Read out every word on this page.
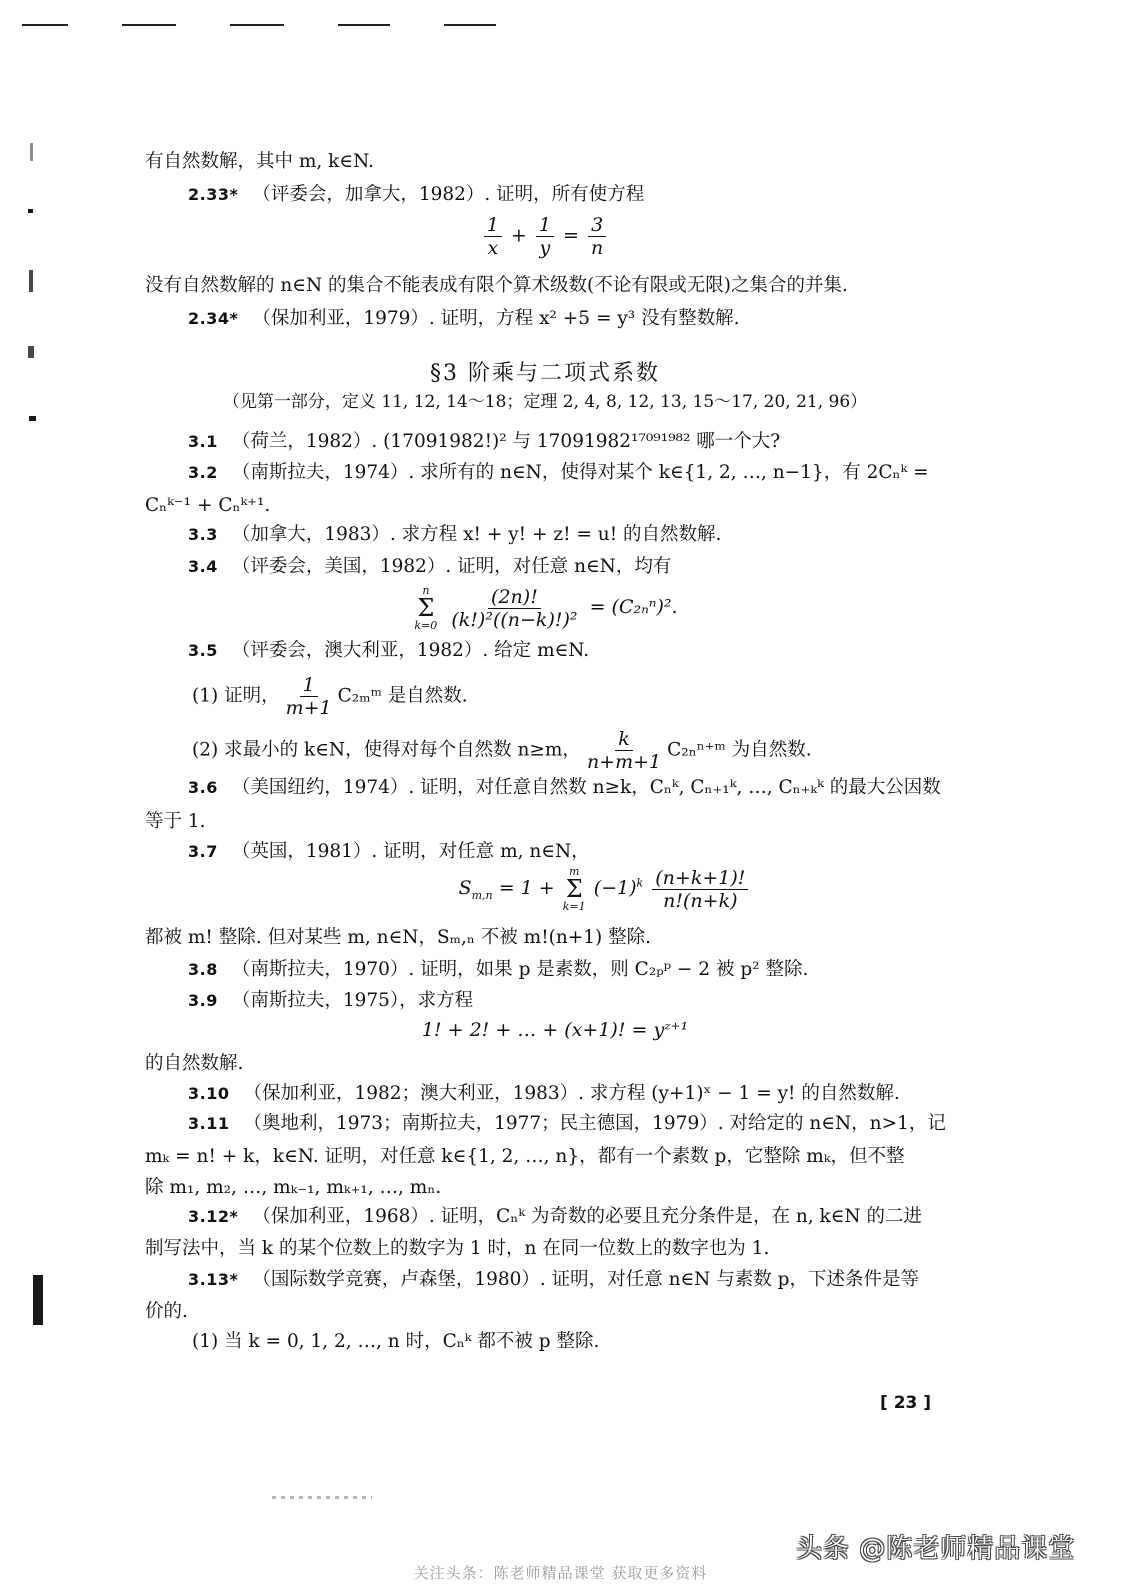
有自然数解，其中 m, k∈N.
2.33* （评委会，加拿大，1982）. 证明，所有使方程
$\frac{1}{x} + \frac{1}{y} = \frac{3}{n}$
没有自然数解的 n∈N 的集合不能表成有限个算术级数(不论有限或无限)之集合的并集.
2.34* （保加利亚，1979）. 证明，方程 x² +5 = y³ 没有整数解.
§3 阶乘与二项式系数
（见第一部分，定义 11, 12, 14～18；定理 2, 4, 8, 12, 13, 15～17, 20, 21, 96）
3.1 （荷兰，1982）. (17091982!)² 与 17091982¹⁷⁰⁹¹⁹⁸² 哪一个大?
3.2 （南斯拉夫，1974）. 求所有的 n∈N，使得对某个 k∈{1, 2, …, n−1}，有 2Cₙᵏ =
Cₙᵏ⁻¹ + Cₙᵏ⁺¹.
3.3 （加拿大，1983）. 求方程 x! + y! + z! = u! 的自然数解.
3.4 （评委会，美国，1982）. 证明，对任意 n∈N，均有
n
Σ
k=0
$\frac{(2n)!}{\text{(k!)²((n−k)!)²}} = (C_{2n}^n)^2$.
3.5 （评委会，澳大利亚，1982）. 给定 m∈N.
(1) 证明， $\frac{1}{m+1}$ C₂ₘᵐ 是自然数.
(2) 求最小的 k∈N，使得对每个自然数 n≥m， $\frac{k}{n+m+1}$ C₂ₙⁿ⁺ᵐ 为自然数.
3.6 （美国纽约，1974）. 证明，对任意自然数 n≥k，Cₙᵏ, Cₙ₊₁ᵏ, …, Cₙ₊ₖᵏ 的最大公因数
等于 1.
3.7 （英国，1981）. 证明，对任意 m, n∈N，
$S_{m,n} = 1$ +
m
Σ
k=1
$(-1)^k \frac{(n+k+1)!}{n!(n+k)}$
都被 m! 整除. 但对某些 m, n∈N，Sₘ,ₙ 不被 m!(n+1) 整除.
3.8 （南斯拉夫，1970）. 证明，如果 p 是素数，则 C₂ₚᵖ − 2 被 p² 整除.
3.9 （南斯拉夫，1975），求方程
1! + 2! + … + (x+1)! = yᶻ⁺¹
的自然数解.
3.10 （保加利亚，1982；澳大利亚，1983）. 求方程 (y+1)ˣ − 1 = y! 的自然数解.
3.11 （奥地利，1973；南斯拉夫，1977；民主德国，1979）. 对给定的 n∈N，n>1，记
mₖ = n! + k，k∈N. 证明，对任意 k∈{1, 2, …, n}，都有一个素数 p，它整除 mₖ，但不整
除 m₁, m₂, …, mₖ₋₁, mₖ₊₁, …, mₙ.
3.12* （保加利亚，1968）. 证明，Cₙᵏ 为奇数的必要且充分条件是，在 n, k∈N 的二进
制写法中，当 k 的某个位数上的数字为 1 时，n 在同一位数上的数字也为 1.
3.13* （国际数学竞赛，卢森堡，1980）. 证明，对任意 n∈N 与素数 p，下述条件是等
价的.
(1) 当 k = 0, 1, 2, …, n 时，Cₙᵏ 都不被 p 整除.
[ 23 ]
头条 @陈老师精品课堂
关注头条：陈老师精品课堂 获取更多资料
